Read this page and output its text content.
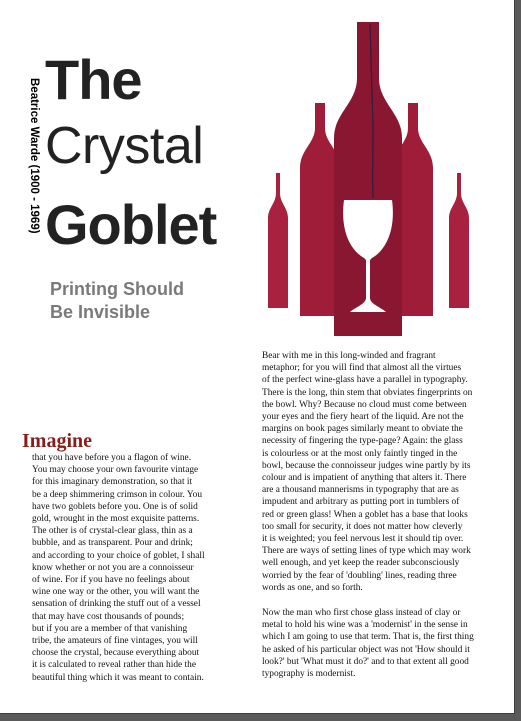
Beatrice Warde (1900 - 1969) The
Crystal
Goblet
Printing Should
Be Invisible
Imagine

that you have before you a flagon of wine.

You may choose your own favourite vintage

for this imaginary demonstration, so that it

be a deep shimmering crimson in colour. You

have two goblets before you. One is of solid

gold, wrought in the most exquisite patterns.

The other is of crystal-clear glass, thin as a

bubble, and as transparent. Pour and drink;

and according to your choice of goblet, I shall

know whether or not you are a connoisseur

of wine. For if you have no feelings about

wine one way or the other, you will want the

sensation of drinking the stuff out of a vessel

that may have cost thousands of pounds;

but if you are a member of that vanishing

tribe, the amateurs of fine vintages, you will

choose the crystal, because everything about

it is calculated to reveal rather than hide the

beautiful thing which it was meant to contain.

Bear with me in this long-winded and fragrant

metaphor; for you will find that almost all the virtues

of the perfect wine-glass have a parallel in typography.

There is the long, thin stem that obviates fingerprints on

the bowl. Why? Because no cloud must come between

your eyes and the fiery heart of the liquid. Are not the

margins on book pages similarly meant to obviate the

necessity of fingering the type-page? Again: the glass

is colourless or at the most only faintly tinged in the

bowl, because the connoisseur judges wine partly by its

colour and is impatient of anything that alters it. There

are a thousand mannerisms in typography that are as

impudent and arbitrary as putting port in tumblers of

red or green glass! When a goblet has a base that looks

too small for security, it does not matter how cleverly

it is weighted; you feel nervous lest it should tip over.

There are ways of setting lines of type which may work

well enough, and yet keep the reader subconsciously

worried by the fear of 'doubling' lines, reading three

words as one, and so forth.

Now the man who first chose glass instead of clay or

metal to hold his wine was a 'modernist' in the sense in

which I am going to use that term. That is, the first thing

he asked of his particular object was not 'How should it

look?' but 'What must it do?' and to that extent all good

typography is modernist.
